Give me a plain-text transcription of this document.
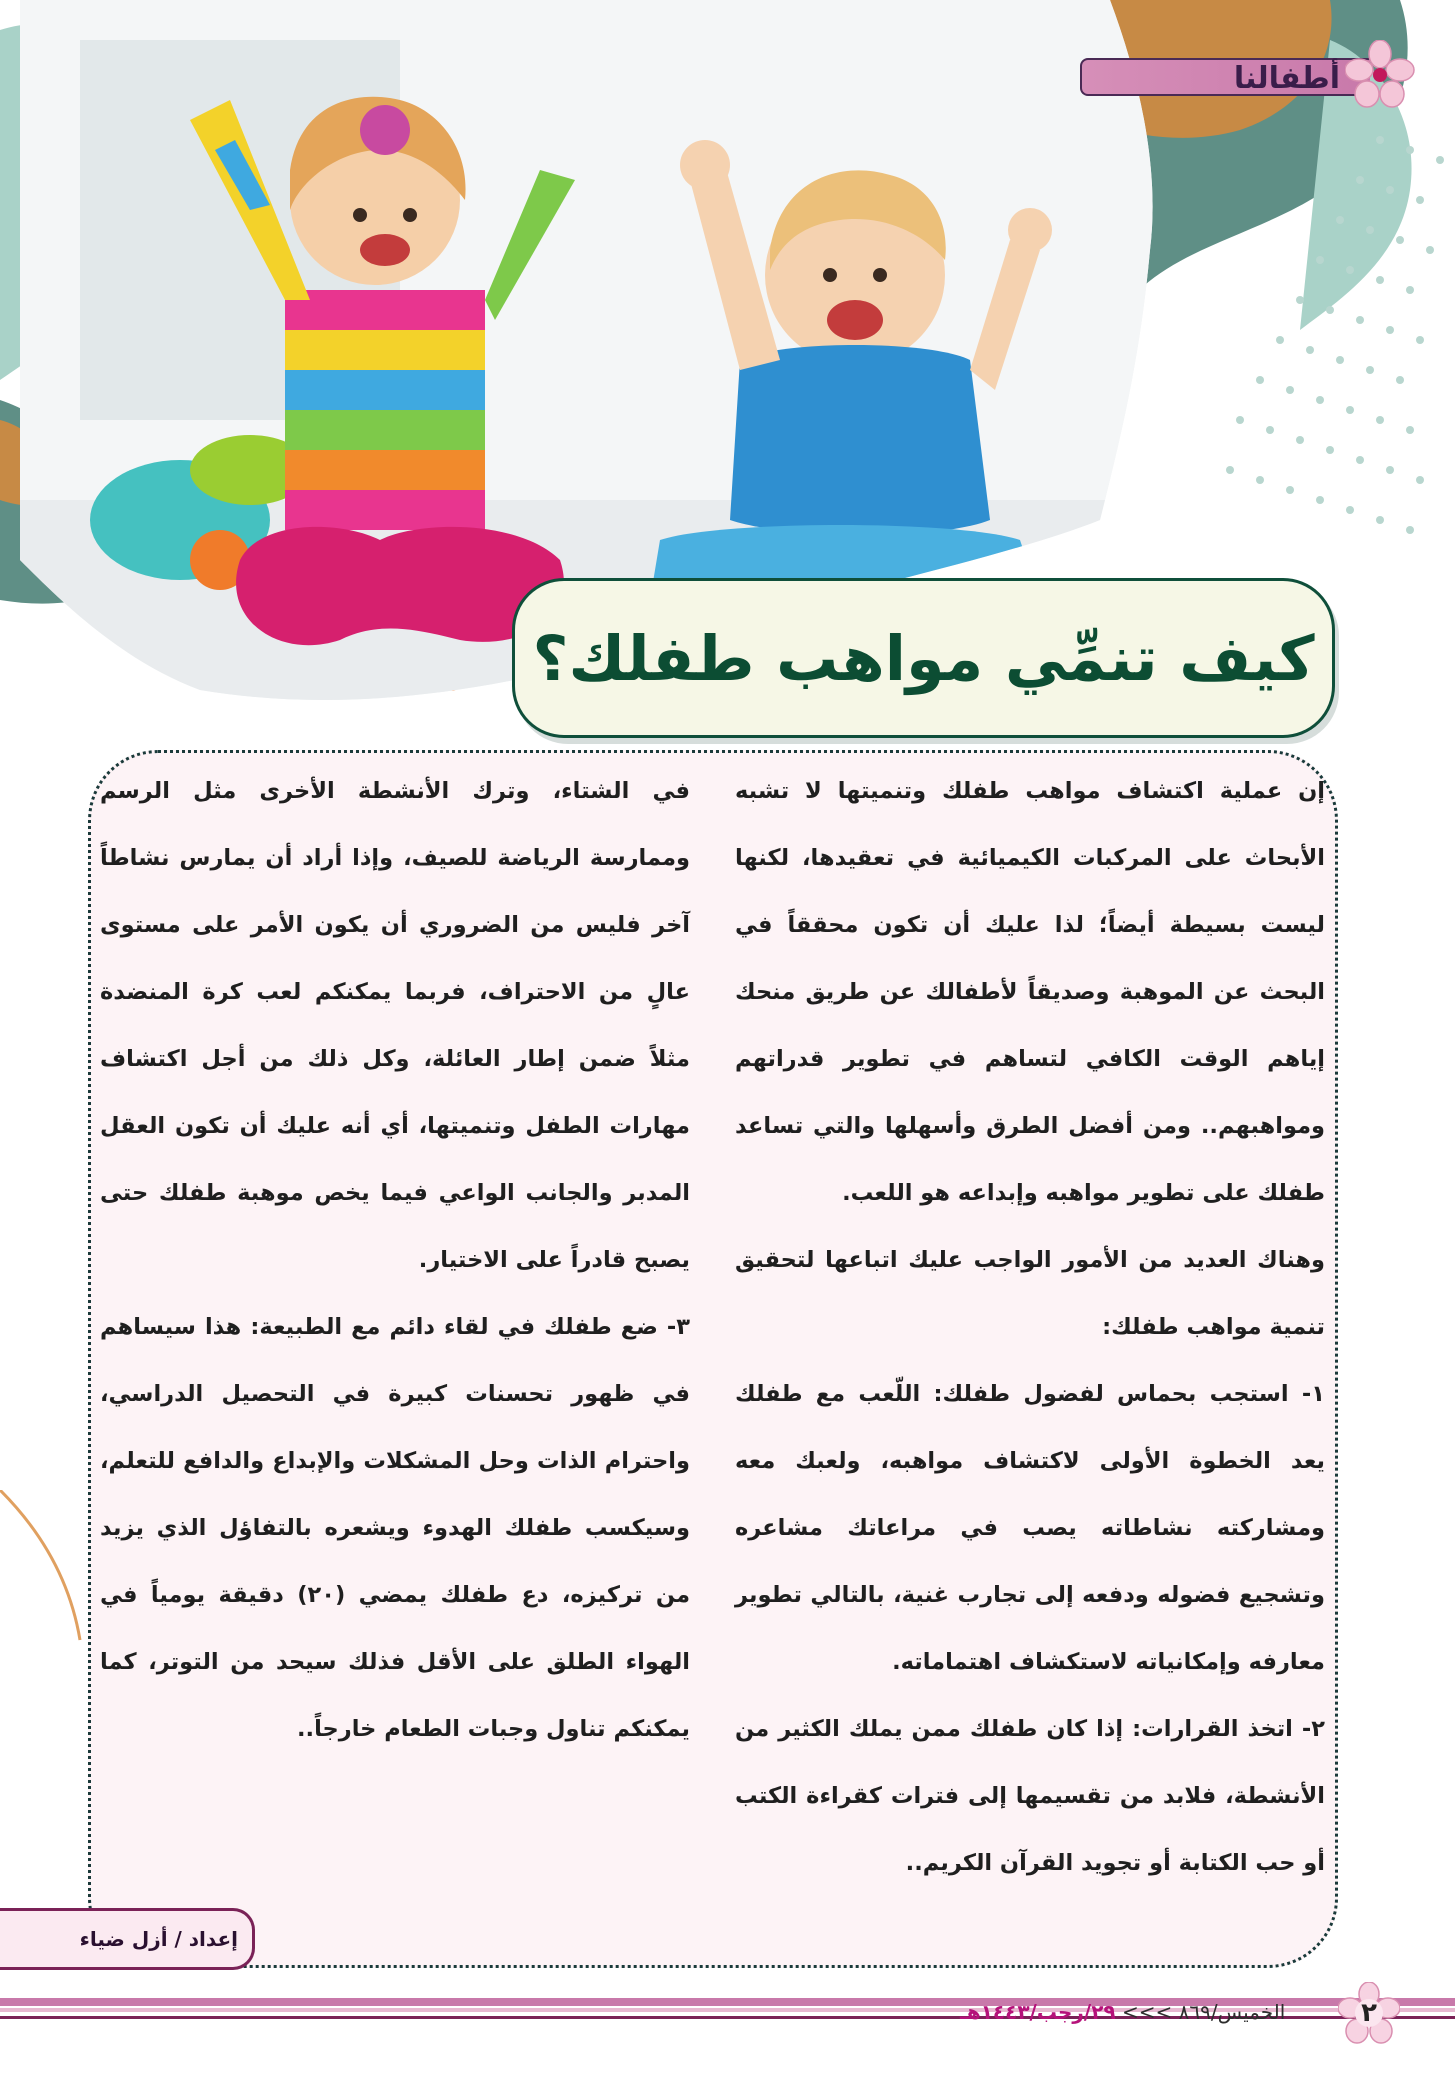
أطفالنا
كيف تنمِّي مواهب طفلك؟

إن عملية اكتشاف مواهب طفلك وتنميتها لا تشبه الأبحاث على المركبات الكيميائية في تعقيدها، لكنها ليست بسيطة أيضاً؛ لذا عليك أن تكون محققاً في البحث عن الموهبة وصديقاً لأطفالك عن طريق منحك إياهم الوقت الكافي لتساهم في تطوير قدراتهم ومواهبهم.. ومن أفضل الطرق وأسهلها والتي تساعد طفلك على تطوير مواهبه وإبداعه هو اللعب.

وهناك العديد من الأمور الواجب عليك اتباعها لتحقيق تنمية مواهب طفلك:

١- استجب بحماس لفضول طفلك: اللّعب مع طفلك يعد الخطوة الأولى لاكتشاف مواهبه، ولعبك معه ومشاركته نشاطاته يصب في مراعاتك مشاعره وتشجيع فضوله ودفعه إلى تجارب غنية، بالتالي تطوير معارفه وإمكانياته لاستكشاف اهتماماته.

٢- اتخذ القرارات: إذا كان طفلك ممن يملك الكثير من الأنشطة، فلابد من تقسيمها إلى فترات كقراءة الكتب أو حب الكتابة أو تجويد القرآن الكريم..

في الشتاء، وترك الأنشطة الأخرى مثل الرسم وممارسة الرياضة للصيف، وإذا أراد أن يمارس نشاطاً آخر فليس من الضروري أن يكون الأمر على مستوى عالٍ من الاحتراف، فربما يمكنكم لعب كرة المنضدة مثلاً ضمن إطار العائلة، وكل ذلك من أجل اكتشاف مهارات الطفل وتنميتها، أي أنه عليك أن تكون العقل المدبر والجانب الواعي فيما يخص موهبة طفلك حتى يصبح قادراً على الاختيار.

٣- ضع طفلك في لقاء دائم مع الطبيعة: هذا سيساهم في ظهور تحسنات كبيرة في التحصيل الدراسي، واحترام الذات وحل المشكلات والإبداع والدافع للتعلم، وسيكسب طفلك الهدوء ويشعره بالتفاؤل الذي يزيد من تركيزه، دع طفلك يمضي (٢٠) دقيقة يومياً في الهواء الطلق على الأقل فذلك سيحد من التوتر، كما يمكنكم تناول وجبات الطعام خارجاً..

إعداد / أزل ضياء
الخميس/٨٦٩ >>> ٢٩/رجب/١٤٤٣هـ	٢
